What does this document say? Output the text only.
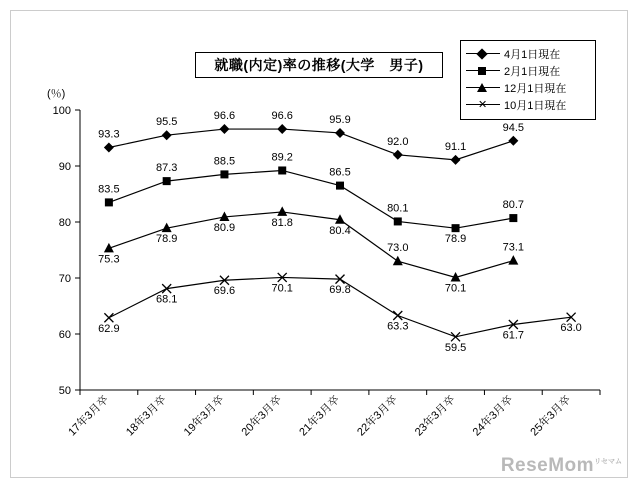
就職(内定)率の推移(大学　男子)
4月1日現在
2月1日現在
12月1日現在
✕ 10月1日現在
(％)
50
60
70
80
90
100
17年3月卒 18年3月卒 19年3月卒 20年3月卒 21年3月卒 22年3月卒 23年3月卒 24年3月卒 25年3月卒
93.3
95.5
96.6	96.6	95.9
92.0	91.1
94.5
83.5
87.3
88.5	89.2
86.5
80.1
78.9
80.7
75.3
78.9
80.9	81.8
80.4
73.0
70.1
73.1
62.9
68.1
69.6	70.1	69.8
63.3
59.5
61.7
63.0
ReseMom$^{リセマム}$
